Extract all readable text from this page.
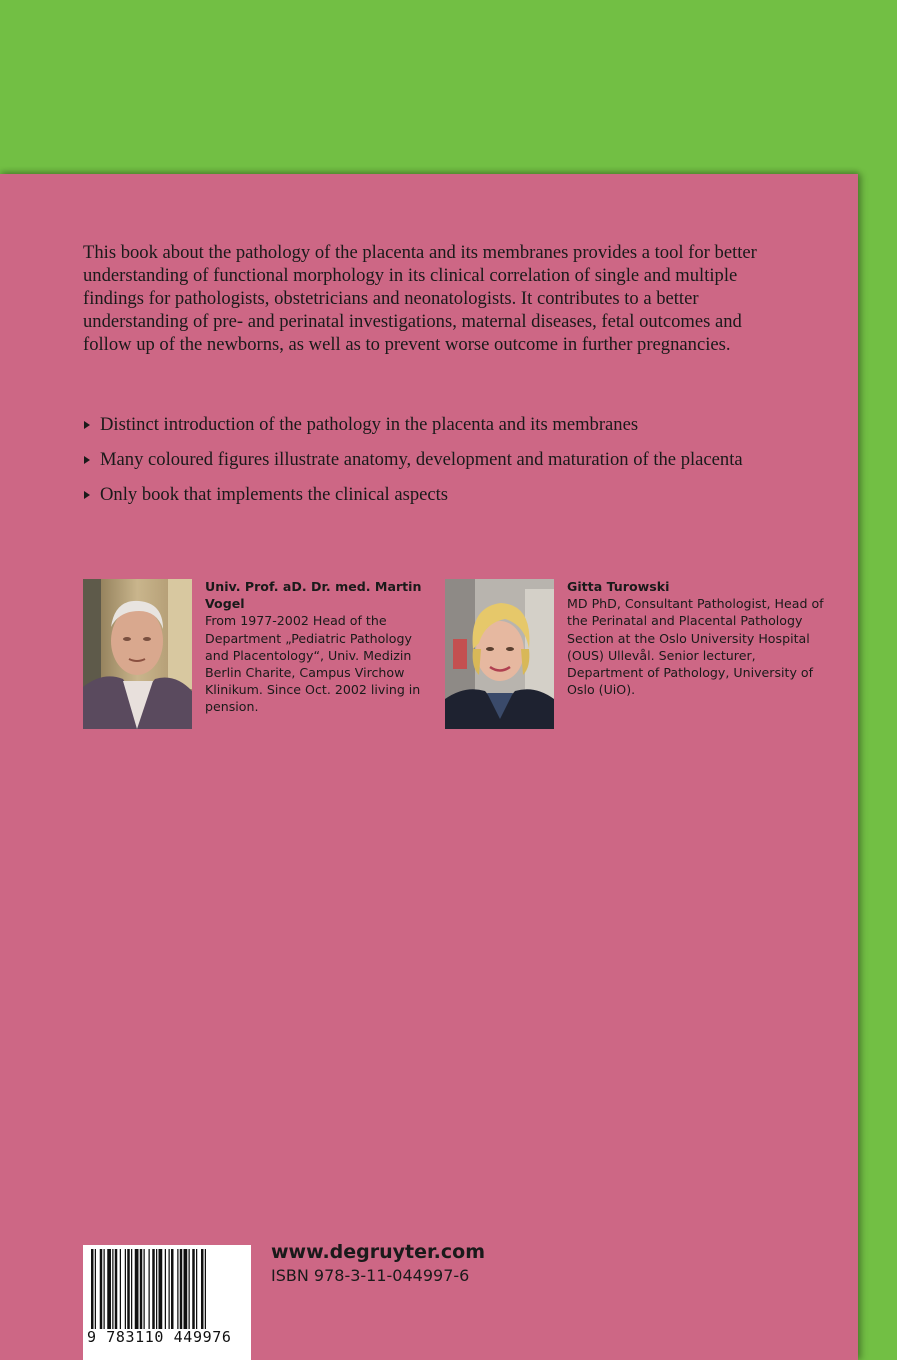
This book about the pathology of the placenta and its membranes provides a tool for better understanding of functional morphology in its clinical correlation of single and multiple findings for pathologists, obstetricians and neonatologists. It contributes to a better understanding of pre- and perinatal investigations, maternal diseases, fetal outcomes and follow up of the newborns, as well as to prevent worse outcome in further pregnancies.

Distinct introduction of the pathology in the placenta and its membranes
Many coloured figures illustrate anatomy, development and maturation of the placenta
Only book that implements the clinical aspects
Univ. Prof. aD. Dr. med. Martin Vogel
From 1977-2002 Head of the Department „Pediatric Pathology and Placentology“, Univ. Medizin Berlin Charite, Campus Virchow Klinikum. Since Oct. 2002 living in pension.
Gitta Turowski
MD PhD, Consultant Pathologist, Head of the Perinatal and Placental Pathology Section at the Oslo University Hospital (OUS) Ullevål. Senior lecturer, Department of Pathology, University of Oslo (UiO).
9 783110 449976
www.degruyter.com
ISBN 978-3-11-044997-6
